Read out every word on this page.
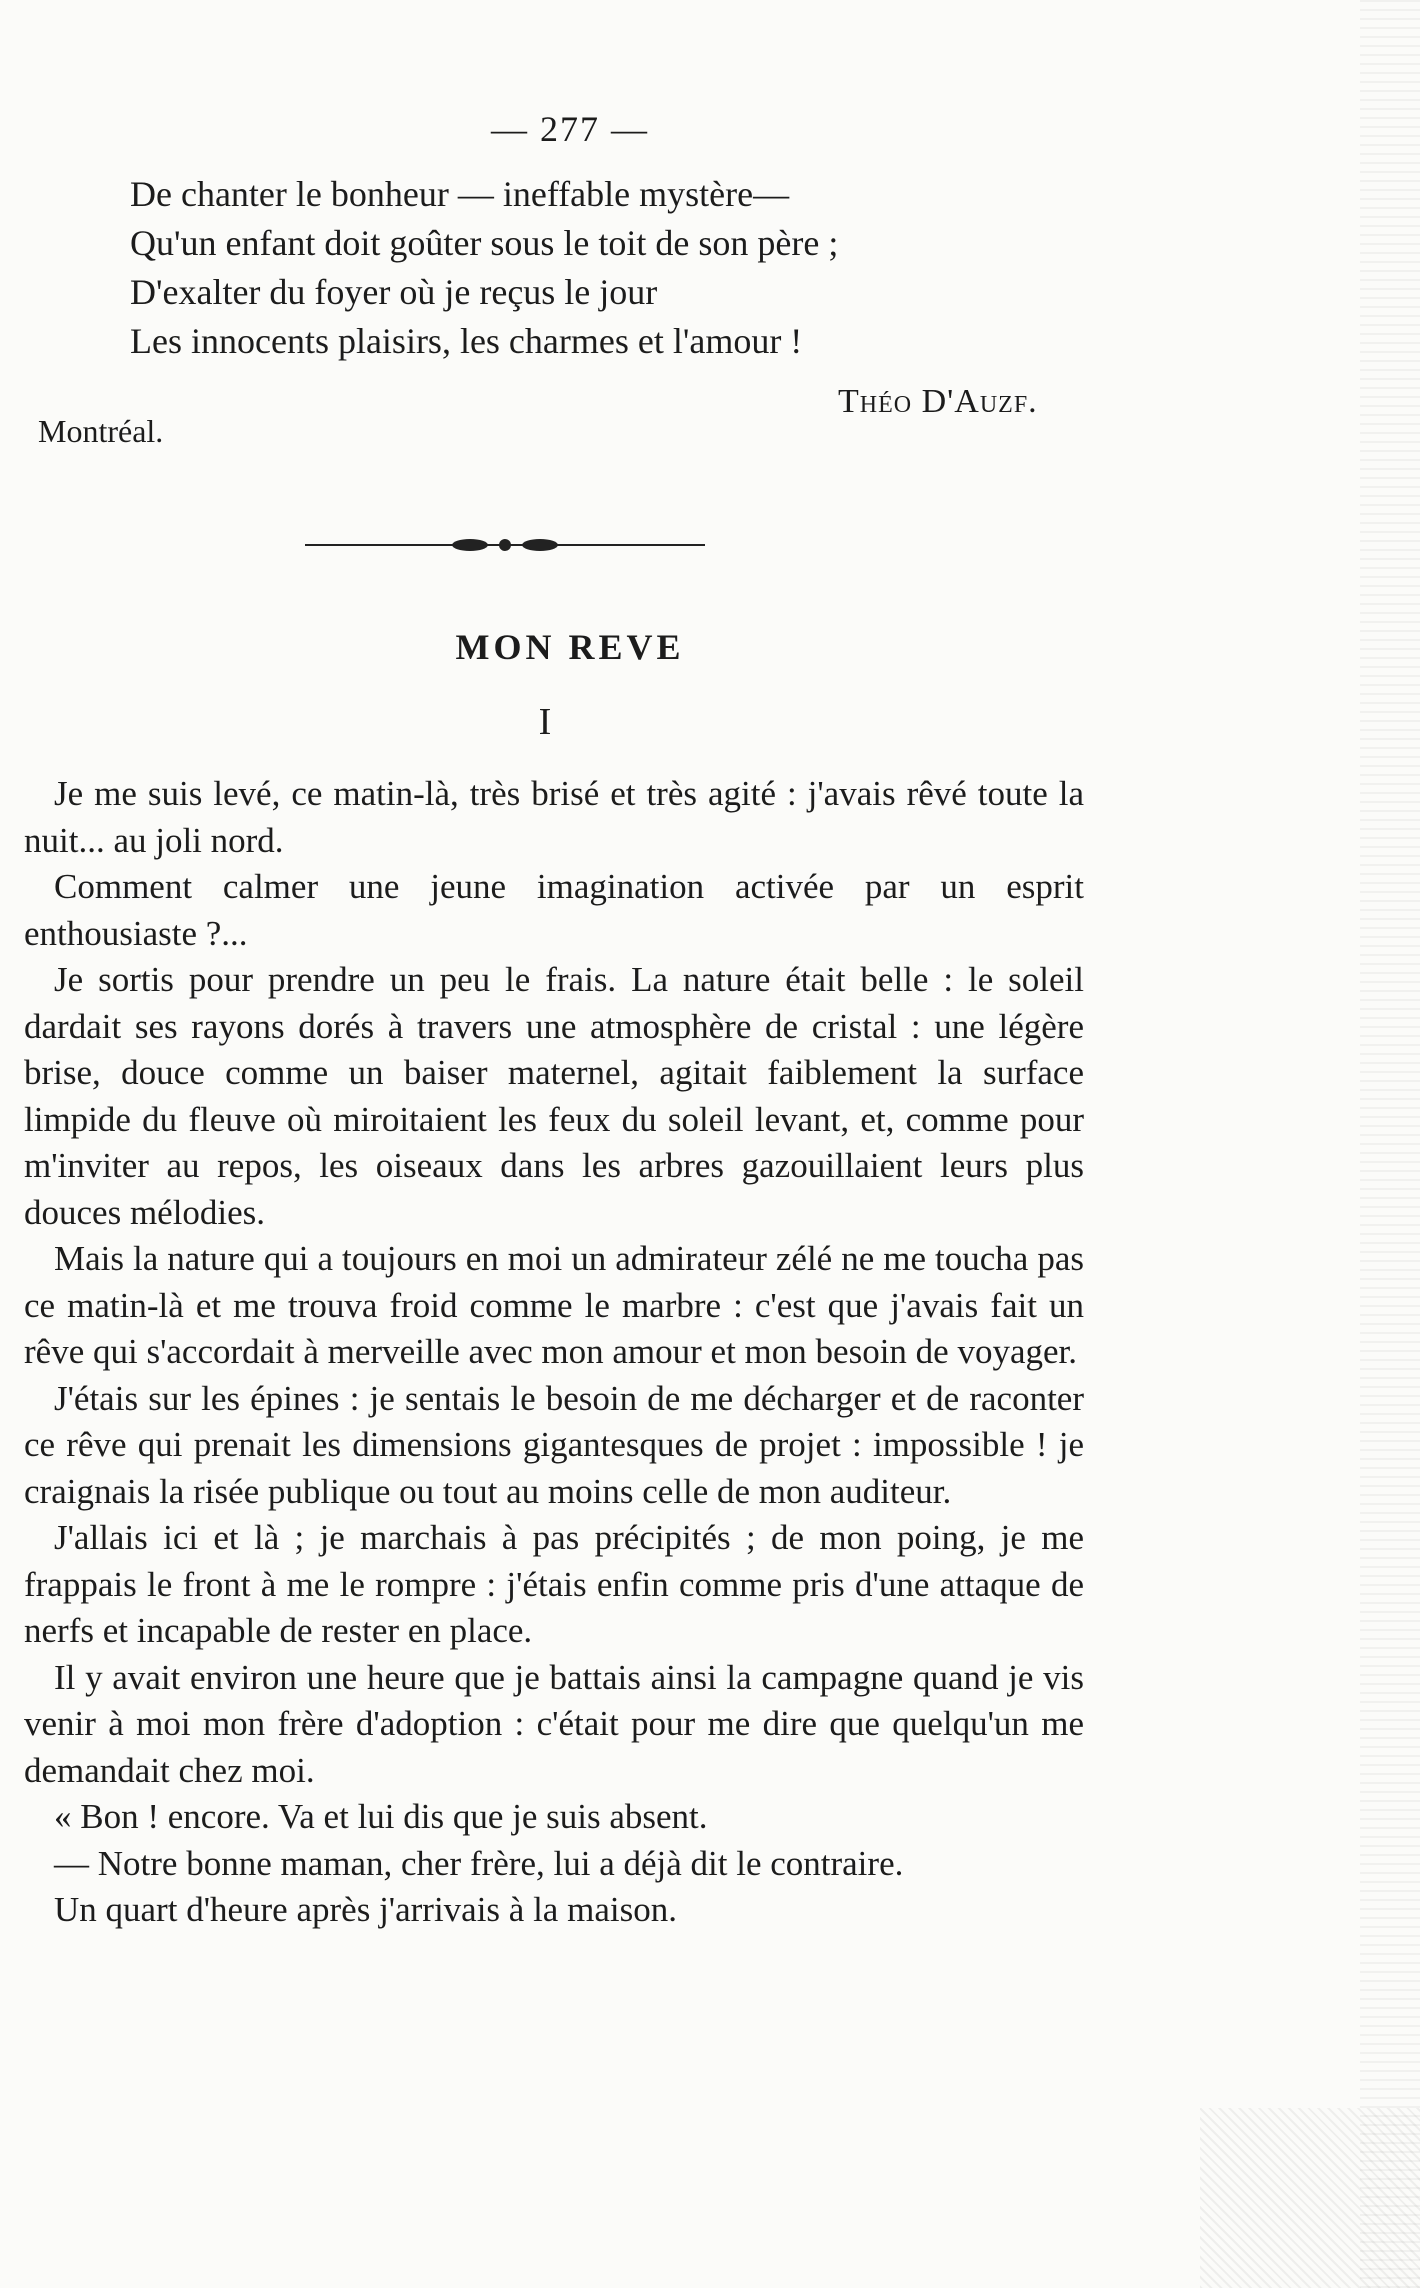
— 277 —
De chanter le bonheur — ineffable mystère—
Qu'un enfant doit goûter sous le toit de son père ;
D'exalter du foyer où je reçus le jour
Les innocents plaisirs, les charmes et l'amour !
Théo D'Auzf.
Montréal.
MON REVE
I

Je me suis levé, ce matin-là, très brisé et très agité : j'avais rêvé toute la nuit... au joli nord.

Comment calmer une jeune imagination activée par un esprit enthousiaste ?...

Je sortis pour prendre un peu le frais. La nature était belle : le soleil dardait ses rayons dorés à travers une atmosphère de cristal : une légère brise, douce comme un baiser maternel, agitait faiblement la surface limpide du fleuve où miroitaient les feux du soleil levant, et, comme pour m'inviter au repos, les oiseaux dans les arbres gazouillaient leurs plus douces mélodies.

Mais la nature qui a toujours en moi un admirateur zélé ne me toucha pas ce matin-là et me trouva froid comme le marbre : c'est que j'avais fait un rêve qui s'accordait à merveille avec mon amour et mon besoin de voyager.

J'étais sur les épines : je sentais le besoin de me décharger et de raconter ce rêve qui prenait les dimensions gigantesques de projet : impossible ! je craignais la risée publique ou tout au moins celle de mon auditeur.

J'allais ici et là ; je marchais à pas précipités ; de mon poing, je me frappais le front à me le rompre : j'étais enfin comme pris d'une attaque de nerfs et incapable de rester en place.

Il y avait environ une heure que je battais ainsi la campagne quand je vis venir à moi mon frère d'adoption : c'était pour me dire que quelqu'un me demandait chez moi.

« Bon ! encore. Va et lui dis que je suis absent.

— Notre bonne maman, cher frère, lui a déjà dit le contraire.

Un quart d'heure après j'arrivais à la maison.
